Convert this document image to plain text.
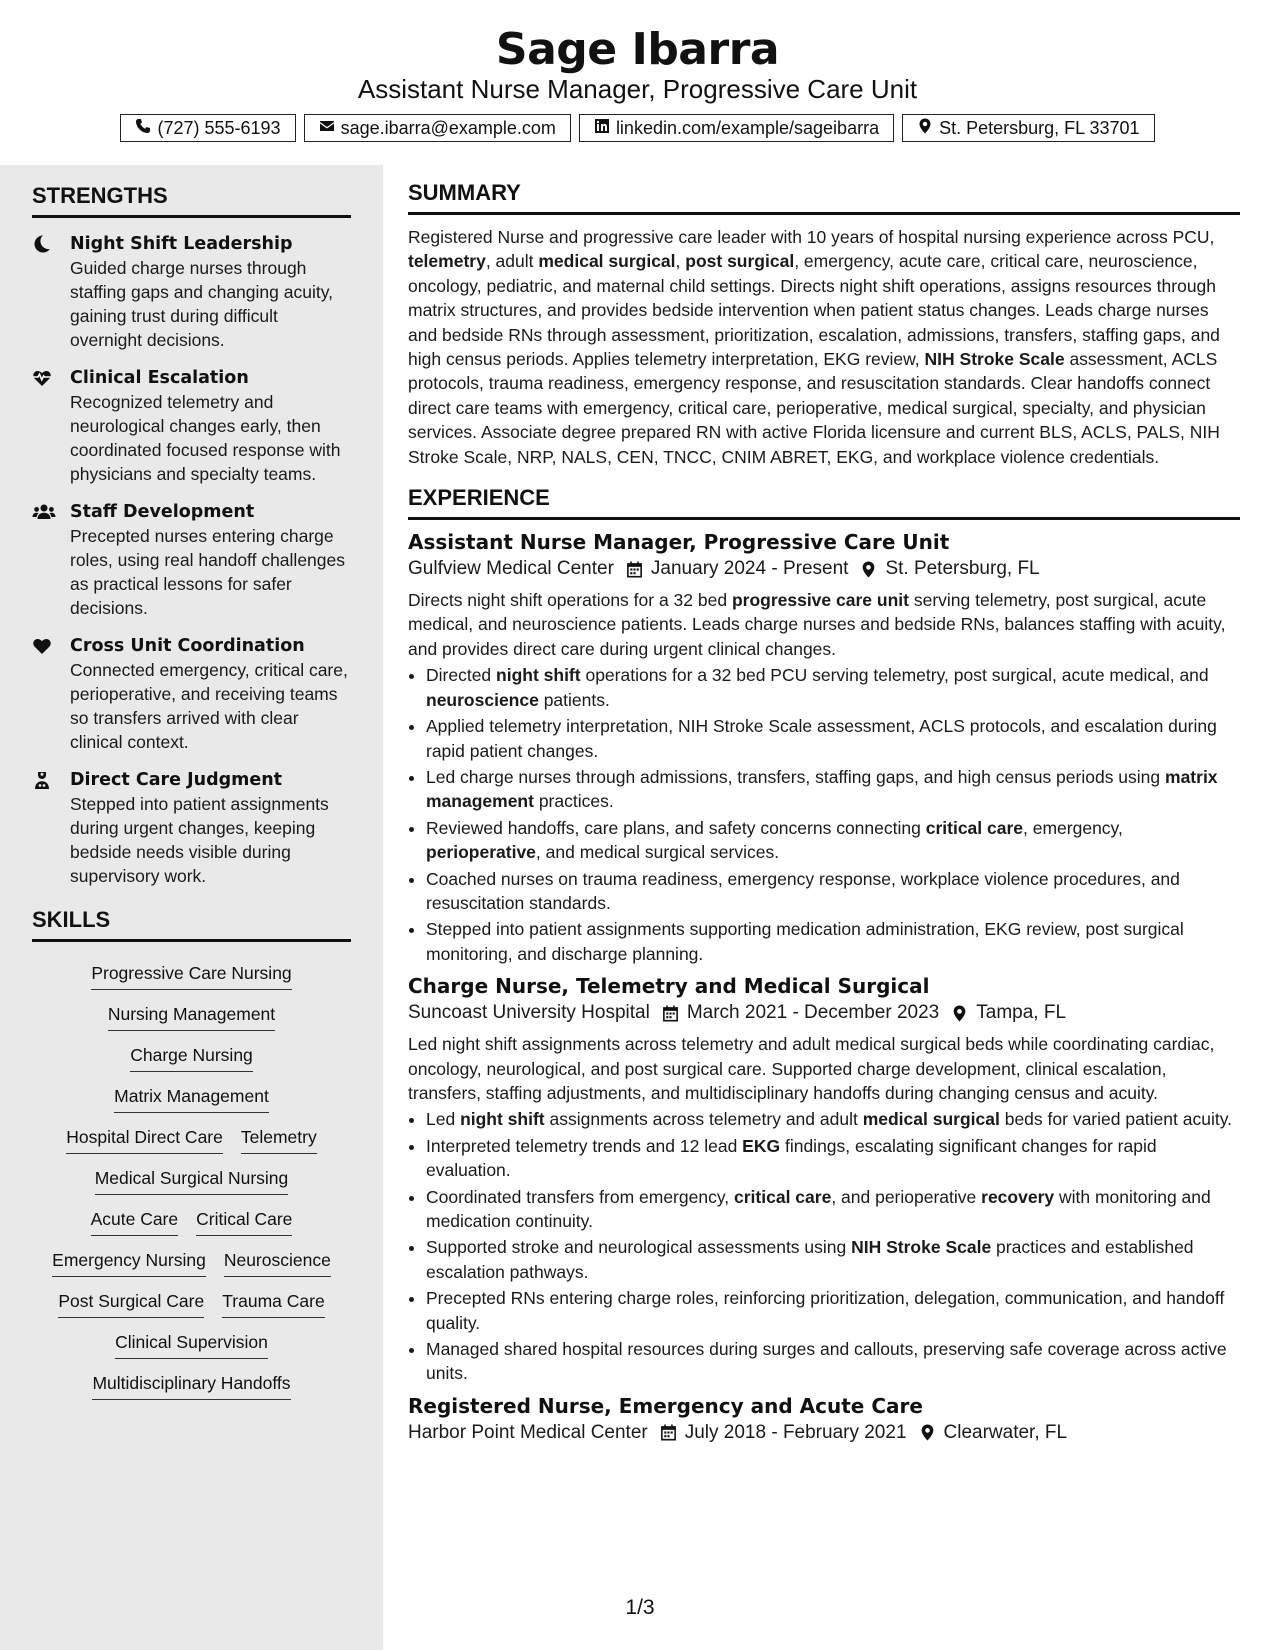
Sage Ibarra
Assistant Nurse Manager, Progressive Care Unit
(727) 555-6193	sage.ibarra@example.com	linkedin.com/example/sageibarra	St. Petersburg, FL 33701
STRENGTHS
Night Shift Leadership
Guided charge nurses through staffing gaps and changing acuity, gaining trust during difficult overnight decisions.
Clinical Escalation
Recognized telemetry and neurological changes early, then coordinated focused response with physicians and specialty teams.
Staff Development
Precepted nurses entering charge roles, using real handoff challenges as practical lessons for safer decisions.
Cross Unit Coordination
Connected emergency, critical care, perioperative, and receiving teams so transfers arrived with clear clinical context.
Direct Care Judgment
Stepped into patient assignments during urgent changes, keeping bedside needs visible during supervisory work.
SKILLS
Progressive Care Nursing
Nursing Management
Charge Nursing
Matrix Management
Hospital Direct Care Telemetry
Medical Surgical Nursing
Acute Care Critical Care
Emergency Nursing Neuroscience
Post Surgical Care Trauma Care
Clinical Supervision
Multidisciplinary Handoffs
SUMMARY

Registered Nurse and progressive care leader with 10 years of hospital nursing experience across PCU, telemetry, adult medical surgical, post surgical, emergency, acute care, critical care, neuroscience, oncology, pediatric, and maternal child settings. Directs night shift operations, assigns resources through matrix structures, and provides bedside intervention when patient status changes. Leads charge nurses and bedside RNs through assessment, prioritization, escalation, admissions, transfers, staffing gaps, and high census periods. Applies telemetry interpretation, EKG review, NIH Stroke Scale assessment, ACLS protocols, trauma readiness, emergency response, and resuscitation standards. Clear handoffs connect direct care teams with emergency, critical care, perioperative, medical surgical, specialty, and physician services. Associate degree prepared RN with active Florida licensure and current BLS, ACLS, PALS, NIH Stroke Scale, NRP, NALS, CEN, TNCC, CNIM ABRET, EKG, and workplace violence credentials.

EXPERIENCE
Assistant Nurse Manager, Progressive Care Unit
Gulfview Medical Center January 2024 - Present St. Petersburg, FL

Directs night shift operations for a 32 bed progressive care unit serving telemetry, post surgical, acute medical, and neuroscience patients. Leads charge nurses and bedside RNs, balances staffing with acuity, and provides direct care during urgent clinical changes.

• Directed night shift operations for a 32 bed PCU serving telemetry, post surgical, acute medical, and neuroscience patients.
• Applied telemetry interpretation, NIH Stroke Scale assessment, ACLS protocols, and escalation during rapid patient changes.
• Led charge nurses through admissions, transfers, staffing gaps, and high census periods using matrix management practices.
• Reviewed handoffs, care plans, and safety concerns connecting critical care, emergency, perioperative, and medical surgical services.
• Coached nurses on trauma readiness, emergency response, workplace violence procedures, and resuscitation standards.
• Stepped into patient assignments supporting medication administration, EKG review, post surgical monitoring, and discharge planning.
Charge Nurse, Telemetry and Medical Surgical
Suncoast University Hospital March 2021 - December 2023 Tampa, FL

Led night shift assignments across telemetry and adult medical surgical beds while coordinating cardiac, oncology, neurological, and post surgical care. Supported charge development, clinical escalation, transfers, staffing adjustments, and multidisciplinary handoffs during changing census and acuity.

• Led night shift assignments across telemetry and adult medical surgical beds for varied patient acuity.
• Interpreted telemetry trends and 12 lead EKG findings, escalating significant changes for rapid evaluation.
• Coordinated transfers from emergency, critical care, and perioperative recovery with monitoring and medication continuity.
• Supported stroke and neurological assessments using NIH Stroke Scale practices and established escalation pathways.
• Precepted RNs entering charge roles, reinforcing prioritization, delegation, communication, and handoff quality.
• Managed shared hospital resources during surges and callouts, preserving safe coverage across active units.
Registered Nurse, Emergency and Acute Care
Harbor Point Medical Center July 2018 - February 2021 Clearwater, FL
1/3
